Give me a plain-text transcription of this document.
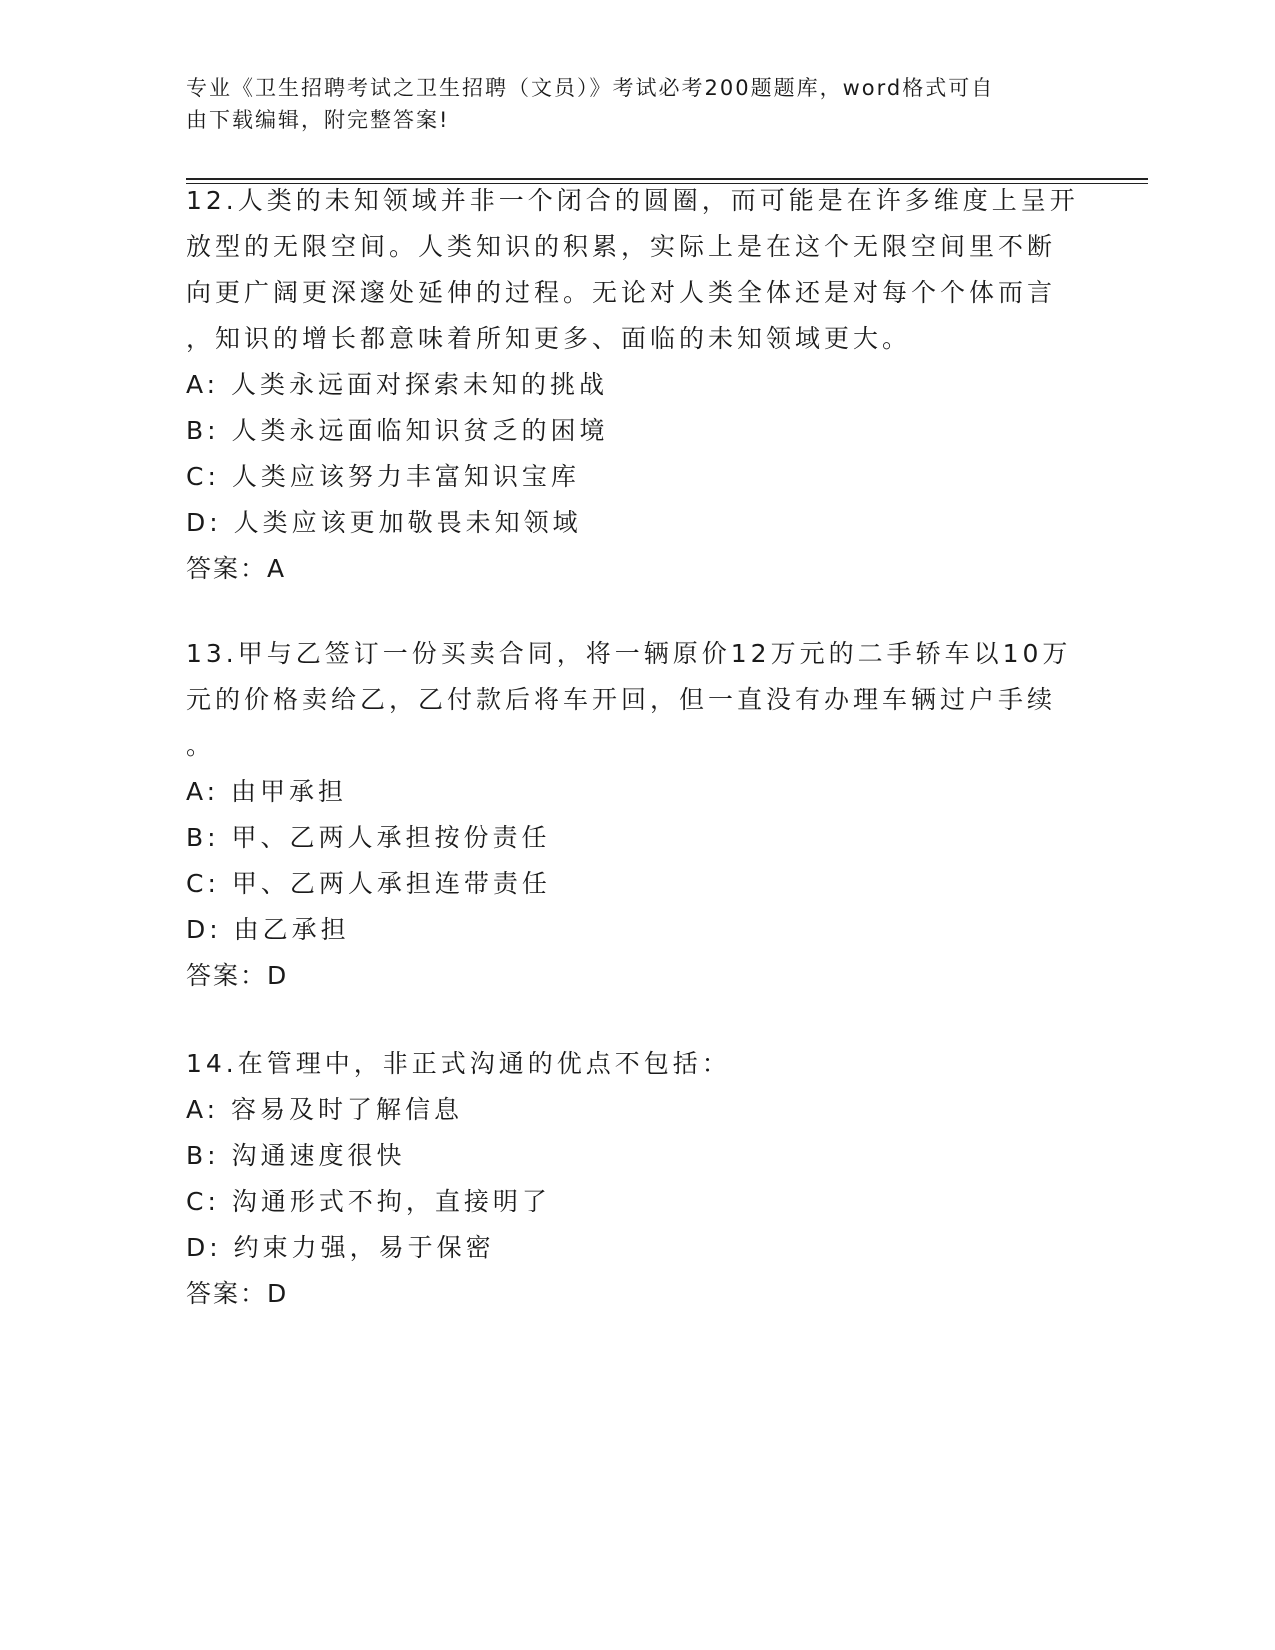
专业《卫生招聘考试之卫生招聘（文员）》考试必考200题题库，word格式可自
由下载编辑，附完整答案!
12.人类的未知领域并非一个闭合的圆圈，而可能是在许多维度上呈开
放型的无限空间。人类知识的积累，实际上是在这个无限空间里不断
向更广阔更深邃处延伸的过程。无论对人类全体还是对每个个体而言
，知识的增长都意味着所知更多、面临的未知领域更大。
A: 人类永远面对探索未知的挑战
B: 人类永远面临知识贫乏的困境
C: 人类应该努力丰富知识宝库
D: 人类应该更加敬畏未知领域
答案：A
13.甲与乙签订一份买卖合同，将一辆原价12万元的二手轿车以10万
元的价格卖给乙，乙付款后将车开回，但一直没有办理车辆过户手续
。
A: 由甲承担
B: 甲、乙两人承担按份责任
C: 甲、乙两人承担连带责任
D: 由乙承担
答案：D
14.在管理中，非正式沟通的优点不包括：
A: 容易及时了解信息
B: 沟通速度很快
C: 沟通形式不拘，直接明了
D: 约束力强，易于保密
答案：D
